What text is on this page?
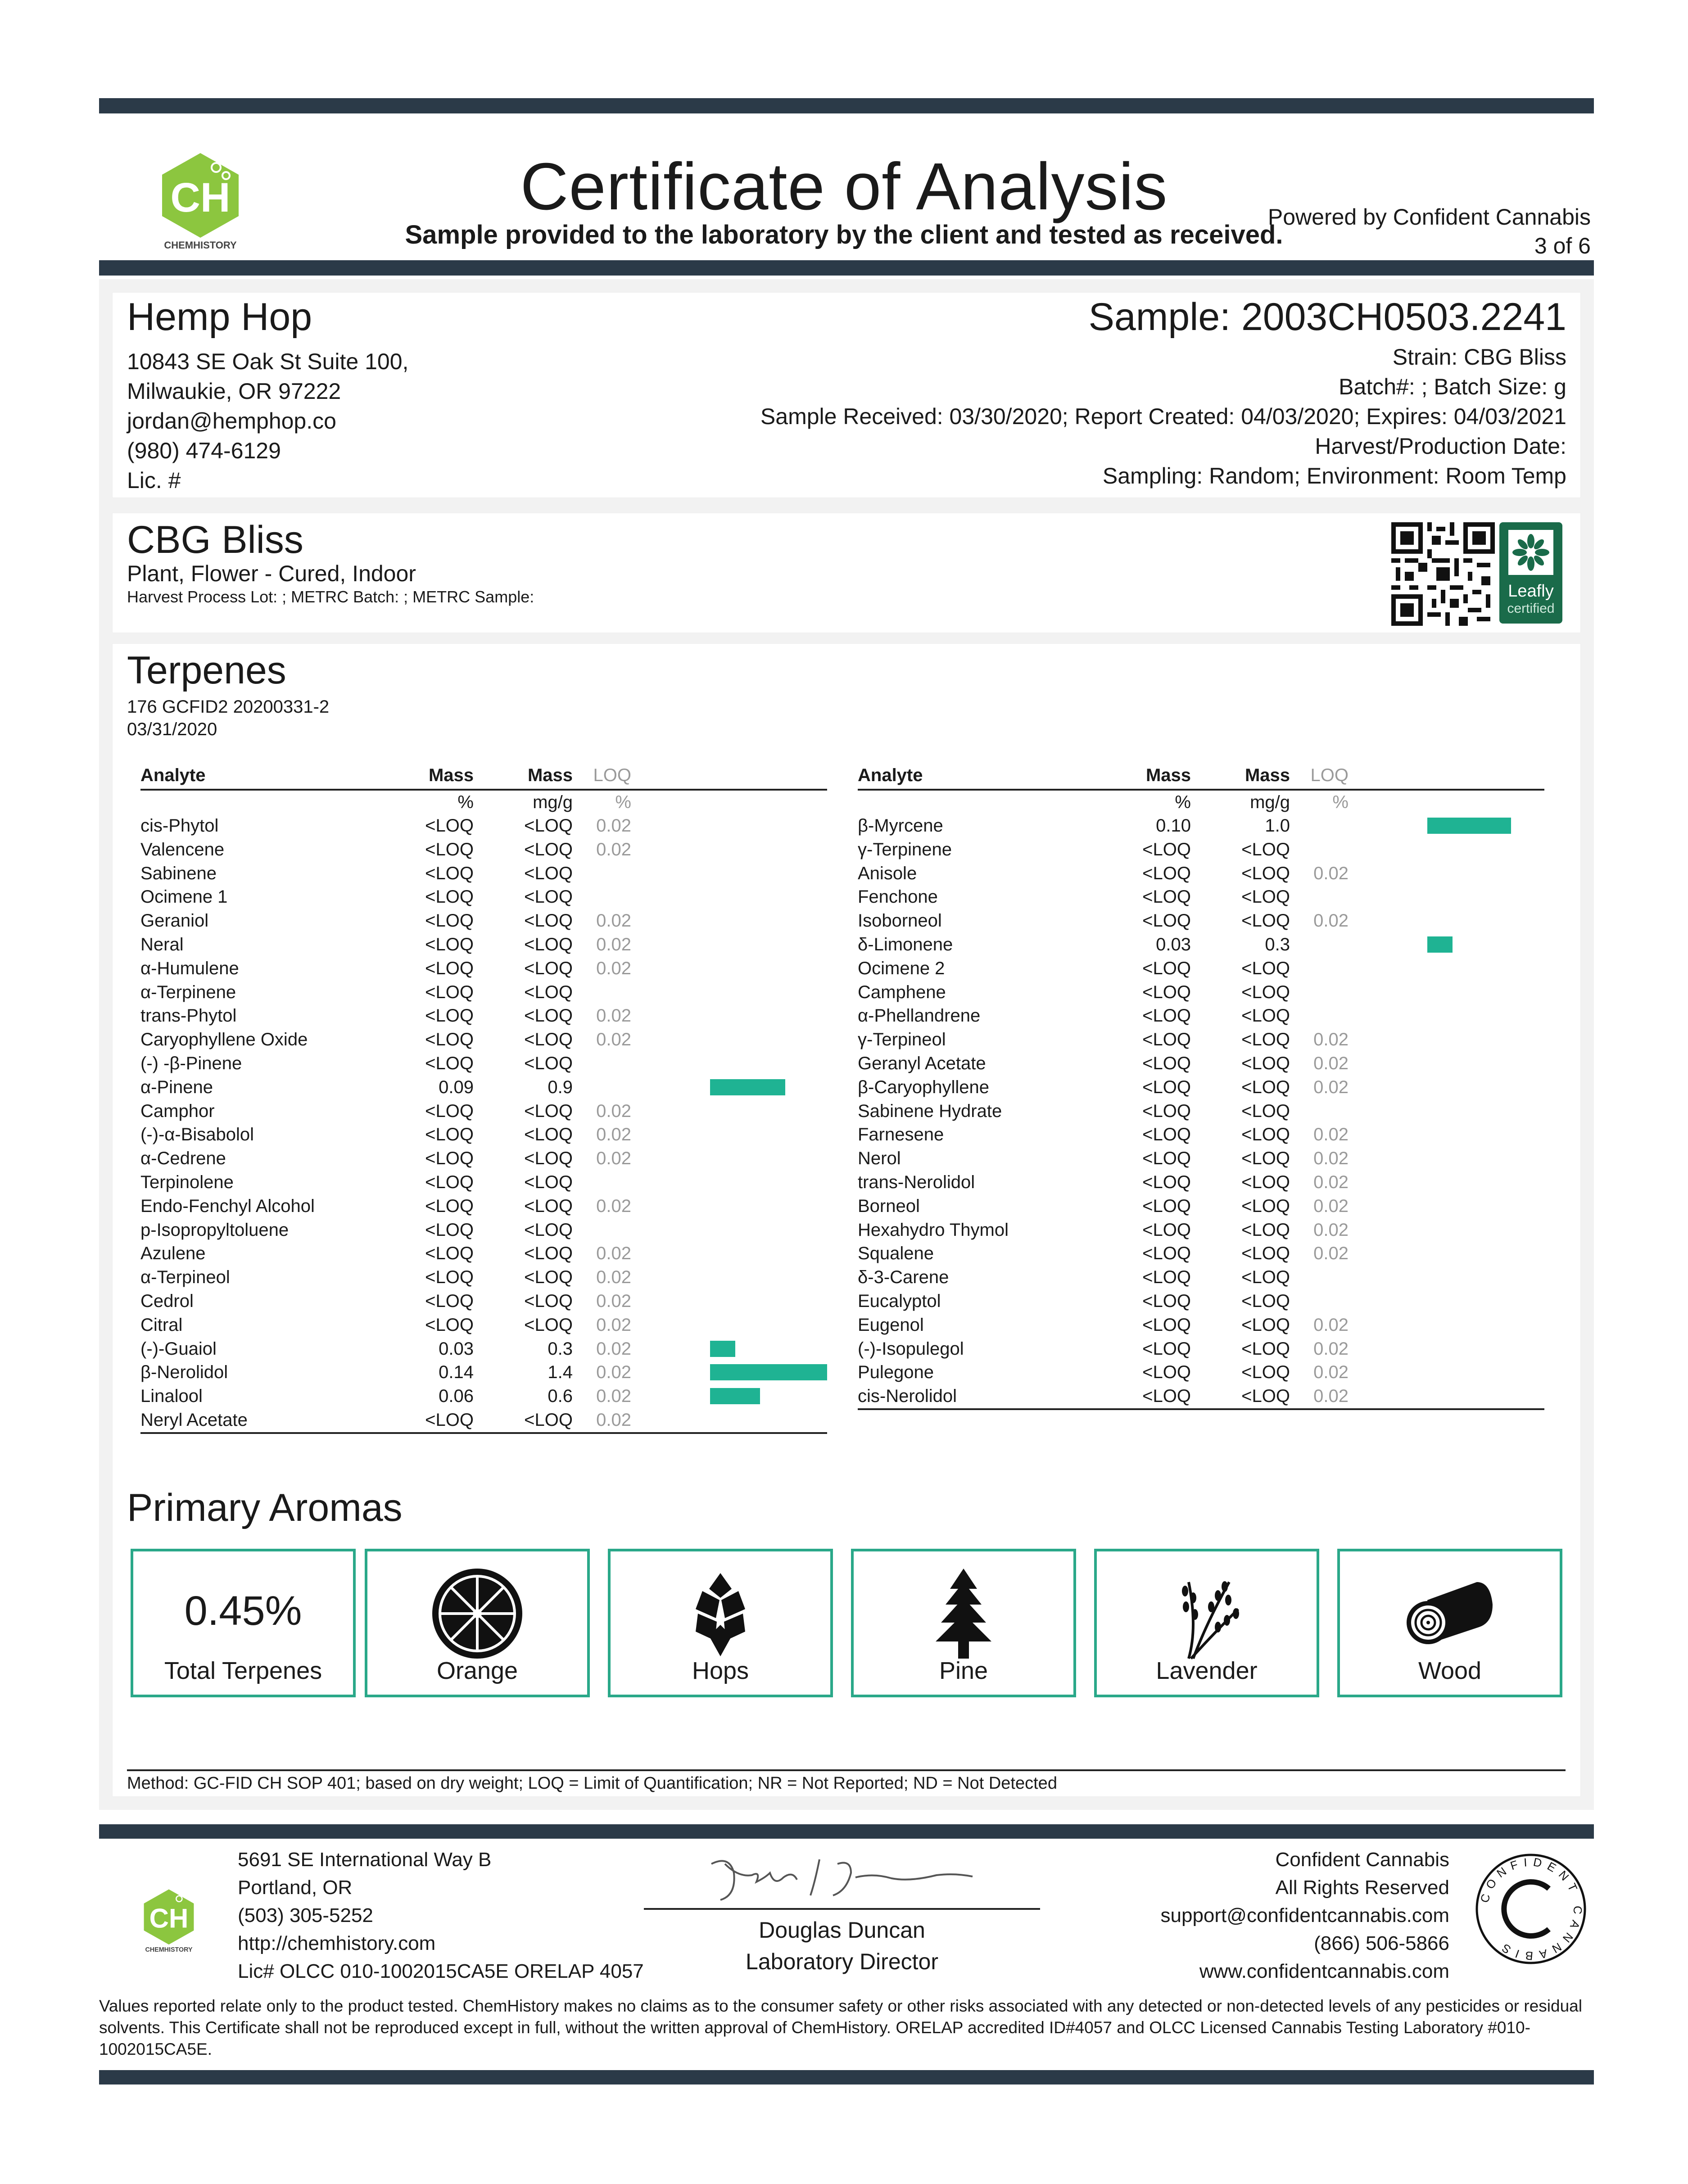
CH
CHEMHISTORY
Certificate of Analysis
Sample provided to the laboratory by the client and tested as received.
Powered by Confident Cannabis
3 of 6
Hemp Hop
10843 SE Oak St Suite 100,
Milwaukie, OR 97222
jordan@hemphop.co
(980) 474-6129
Lic. #
Sample: 2003CH0503.2241
Strain: CBG Bliss
Batch#: ; Batch Size: g
Sample Received: 03/30/2020; Report Created: 04/03/2020; Expires: 04/03/2021
Harvest/Production Date:
Sampling: Random; Environment: Room Temp
CBG Bliss
Plant, Flower - Cured, Indoor
Harvest Process Lot: ; METRC Batch: ; METRC Sample:	Leafly
certified
Terpenes
176 GCFID2 20200331-2
03/31/2020
Analyte	Mass	Mass LOQ
%	mg/g	%
cis-Phytol	<LOQ	<LOQ	0.02
Valencene	<LOQ	<LOQ	0.02
Sabinene	<LOQ	<LOQ
Ocimene 1	<LOQ	<LOQ
Geraniol	<LOQ	<LOQ	0.02
Neral	<LOQ	<LOQ	0.02
α-Humulene	<LOQ	<LOQ	0.02
α-Terpinene	<LOQ	<LOQ
trans-Phytol	<LOQ	<LOQ	0.02
Caryophyllene Oxide	<LOQ	<LOQ	0.02
(-) -β-Pinene	<LOQ	<LOQ
α-Pinene	0.09	0.9
Camphor	<LOQ	<LOQ	0.02
(-)-α-Bisabolol	<LOQ	<LOQ	0.02
α-Cedrene	<LOQ	<LOQ	0.02
Terpinolene	<LOQ	<LOQ
Endo-Fenchyl Alcohol	<LOQ	<LOQ	0.02
p-Isopropyltoluene	<LOQ	<LOQ
Azulene	<LOQ	<LOQ	0.02
α-Terpineol	<LOQ	<LOQ	0.02
Cedrol	<LOQ	<LOQ	0.02
Citral	<LOQ	<LOQ	0.02
(-)-Guaiol	0.03	0.3	0.02
β-Nerolidol	0.14	1.4	0.02
Linalool	0.06	0.6	0.02
Neryl Acetate	<LOQ	<LOQ	0.02
Analyte	Mass	Mass LOQ
%	mg/g	%
β-Myrcene	0.10	1.0
γ-Terpinene	<LOQ	<LOQ
Anisole	<LOQ	<LOQ	0.02
Fenchone	<LOQ	<LOQ
Isoborneol	<LOQ	<LOQ	0.02
δ-Limonene	0.03	0.3
Ocimene 2	<LOQ	<LOQ
Camphene	<LOQ	<LOQ
α-Phellandrene	<LOQ	<LOQ
γ-Terpineol	<LOQ	<LOQ	0.02
Geranyl Acetate	<LOQ	<LOQ	0.02
β-Caryophyllene	<LOQ	<LOQ	0.02
Sabinene Hydrate	<LOQ	<LOQ
Farnesene	<LOQ	<LOQ	0.02
Nerol	<LOQ	<LOQ	0.02
trans-Nerolidol	<LOQ	<LOQ	0.02
Borneol	<LOQ	<LOQ	0.02
Hexahydro Thymol	<LOQ	<LOQ	0.02
Squalene	<LOQ	<LOQ	0.02
δ-3-Carene	<LOQ	<LOQ
Eucalyptol	<LOQ	<LOQ
Eugenol	<LOQ	<LOQ	0.02
(-)-Isopulegol	<LOQ	<LOQ	0.02
Pulegone	<LOQ	<LOQ	0.02
cis-Nerolidol	<LOQ	<LOQ	0.02
Primary Aromas
0.45%
Total Terpenes	Orange	Hops	Pine	Lavender	Wood
Method: GC-FID CH SOP 401; based on dry weight; LOQ = Limit of Quantification; NR = Not Reported; ND = Not Detected
CH
CHEMHISTORY
5691 SE International Way B
Portland, OR
(503) 305-5252
http://chemhistory.com
Lic# OLCC 010-1002015CA5E ORELAP 4057
Douglas Duncan
Laboratory Director
Confident Cannabis
All Rights Reserved
support@confidentcannabis.com
(866) 506-5866
www.confidentcannabis.com
CONFIDENT CANNABIS
Values reported relate only to the product tested. ChemHistory makes no claims as to the consumer safety or other risks associated with any detected or non-detected levels of any pesticides or residual solvents. This Certificate shall not be reproduced except in full, without the written approval of ChemHistory. ORELAP accredited ID#4057 and OLCC Licensed Cannabis Testing Laboratory #010-1002015CA5E.
